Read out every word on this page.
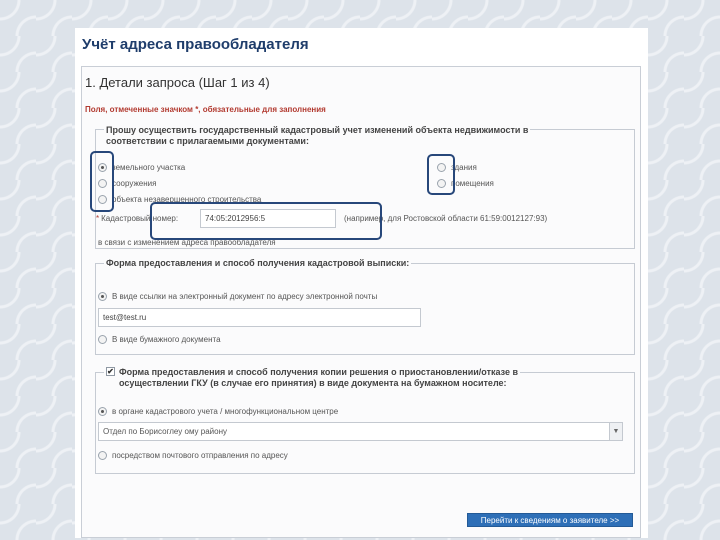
Учёт адреса правообладателя
1. Детали запроса (Шаг 1 из 4)
Поля, отмеченные значком *, обязательные для заполнения
Прошу осуществить государственный кадастровый учет изменений объекта недвижимости в
соответствии с прилагаемыми документами:
земельного участка
сооружения
объекта незавершенного строительства
здания
помещения
* Кадастровый номер:
74:05:2012956:5	(например, для Ростовской области 61:59:0012127:93)
в связи с изменением адреса правообладателя
Форма предоставления и способ получения кадастровой выписки:
В виде ссылки на электронный документ по адресу электронной почты
test@test.ru
В виде бумажного документа
✔ Форма предоставления и способ получения копии решения о приостановлении/отказе в
осуществлении ГКУ (в случае его принятия) в виде документа на бумажном носителе:
в органе кадастрового учета / многофункциональном центре
Отдел по Борисоглеу ому району	▼
посредством почтового отправления по адресу
Перейти к сведениям о заявителе >>
